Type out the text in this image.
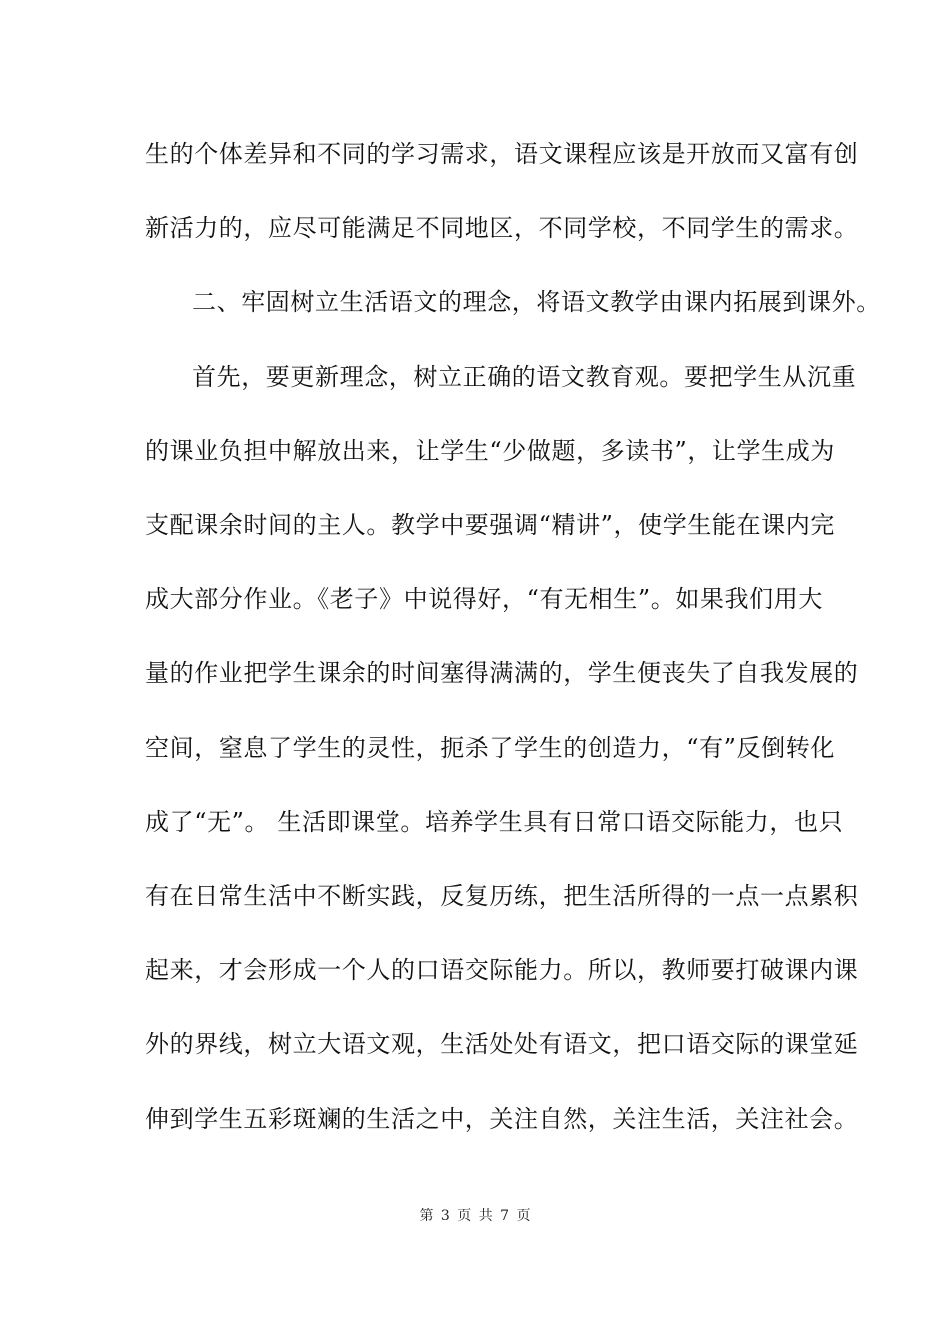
生的个体差异和不同的学习需求，语文课程应该是开放而又富有创
新活力的，应尽可能满足不同地区，不同学校，不同学生的需求。
二、牢固树立生活语文的理念，将语文教学由课内拓展到课外。
首先，要更新理念，树立正确的语文教育观。要把学生从沉重
的课业负担中解放出来，让学生“少做题，多读书”，让学生成为
支配课余时间的主人。教学中要强调“精讲”，使学生能在课内完
成大部分作业。《老子》中说得好，“有无相生”。如果我们用大
量的作业把学生课余的时间塞得满满的，学生便丧失了自我发展的
空间，窒息了学生的灵性，扼杀了学生的创造力，“有”反倒转化
成了“无”。 生活即课堂。培养学生具有日常口语交际能力，也只
有在日常生活中不断实践，反复历练，把生活所得的一点一点累积
起来，才会形成一个人的口语交际能力。所以，教师要打破课内课
外的界线，树立大语文观，生活处处有语文，把口语交际的课堂延
伸到学生五彩斑斓的生活之中，关注自然，关注生活，关注社会。
第 3 页 共 7 页
